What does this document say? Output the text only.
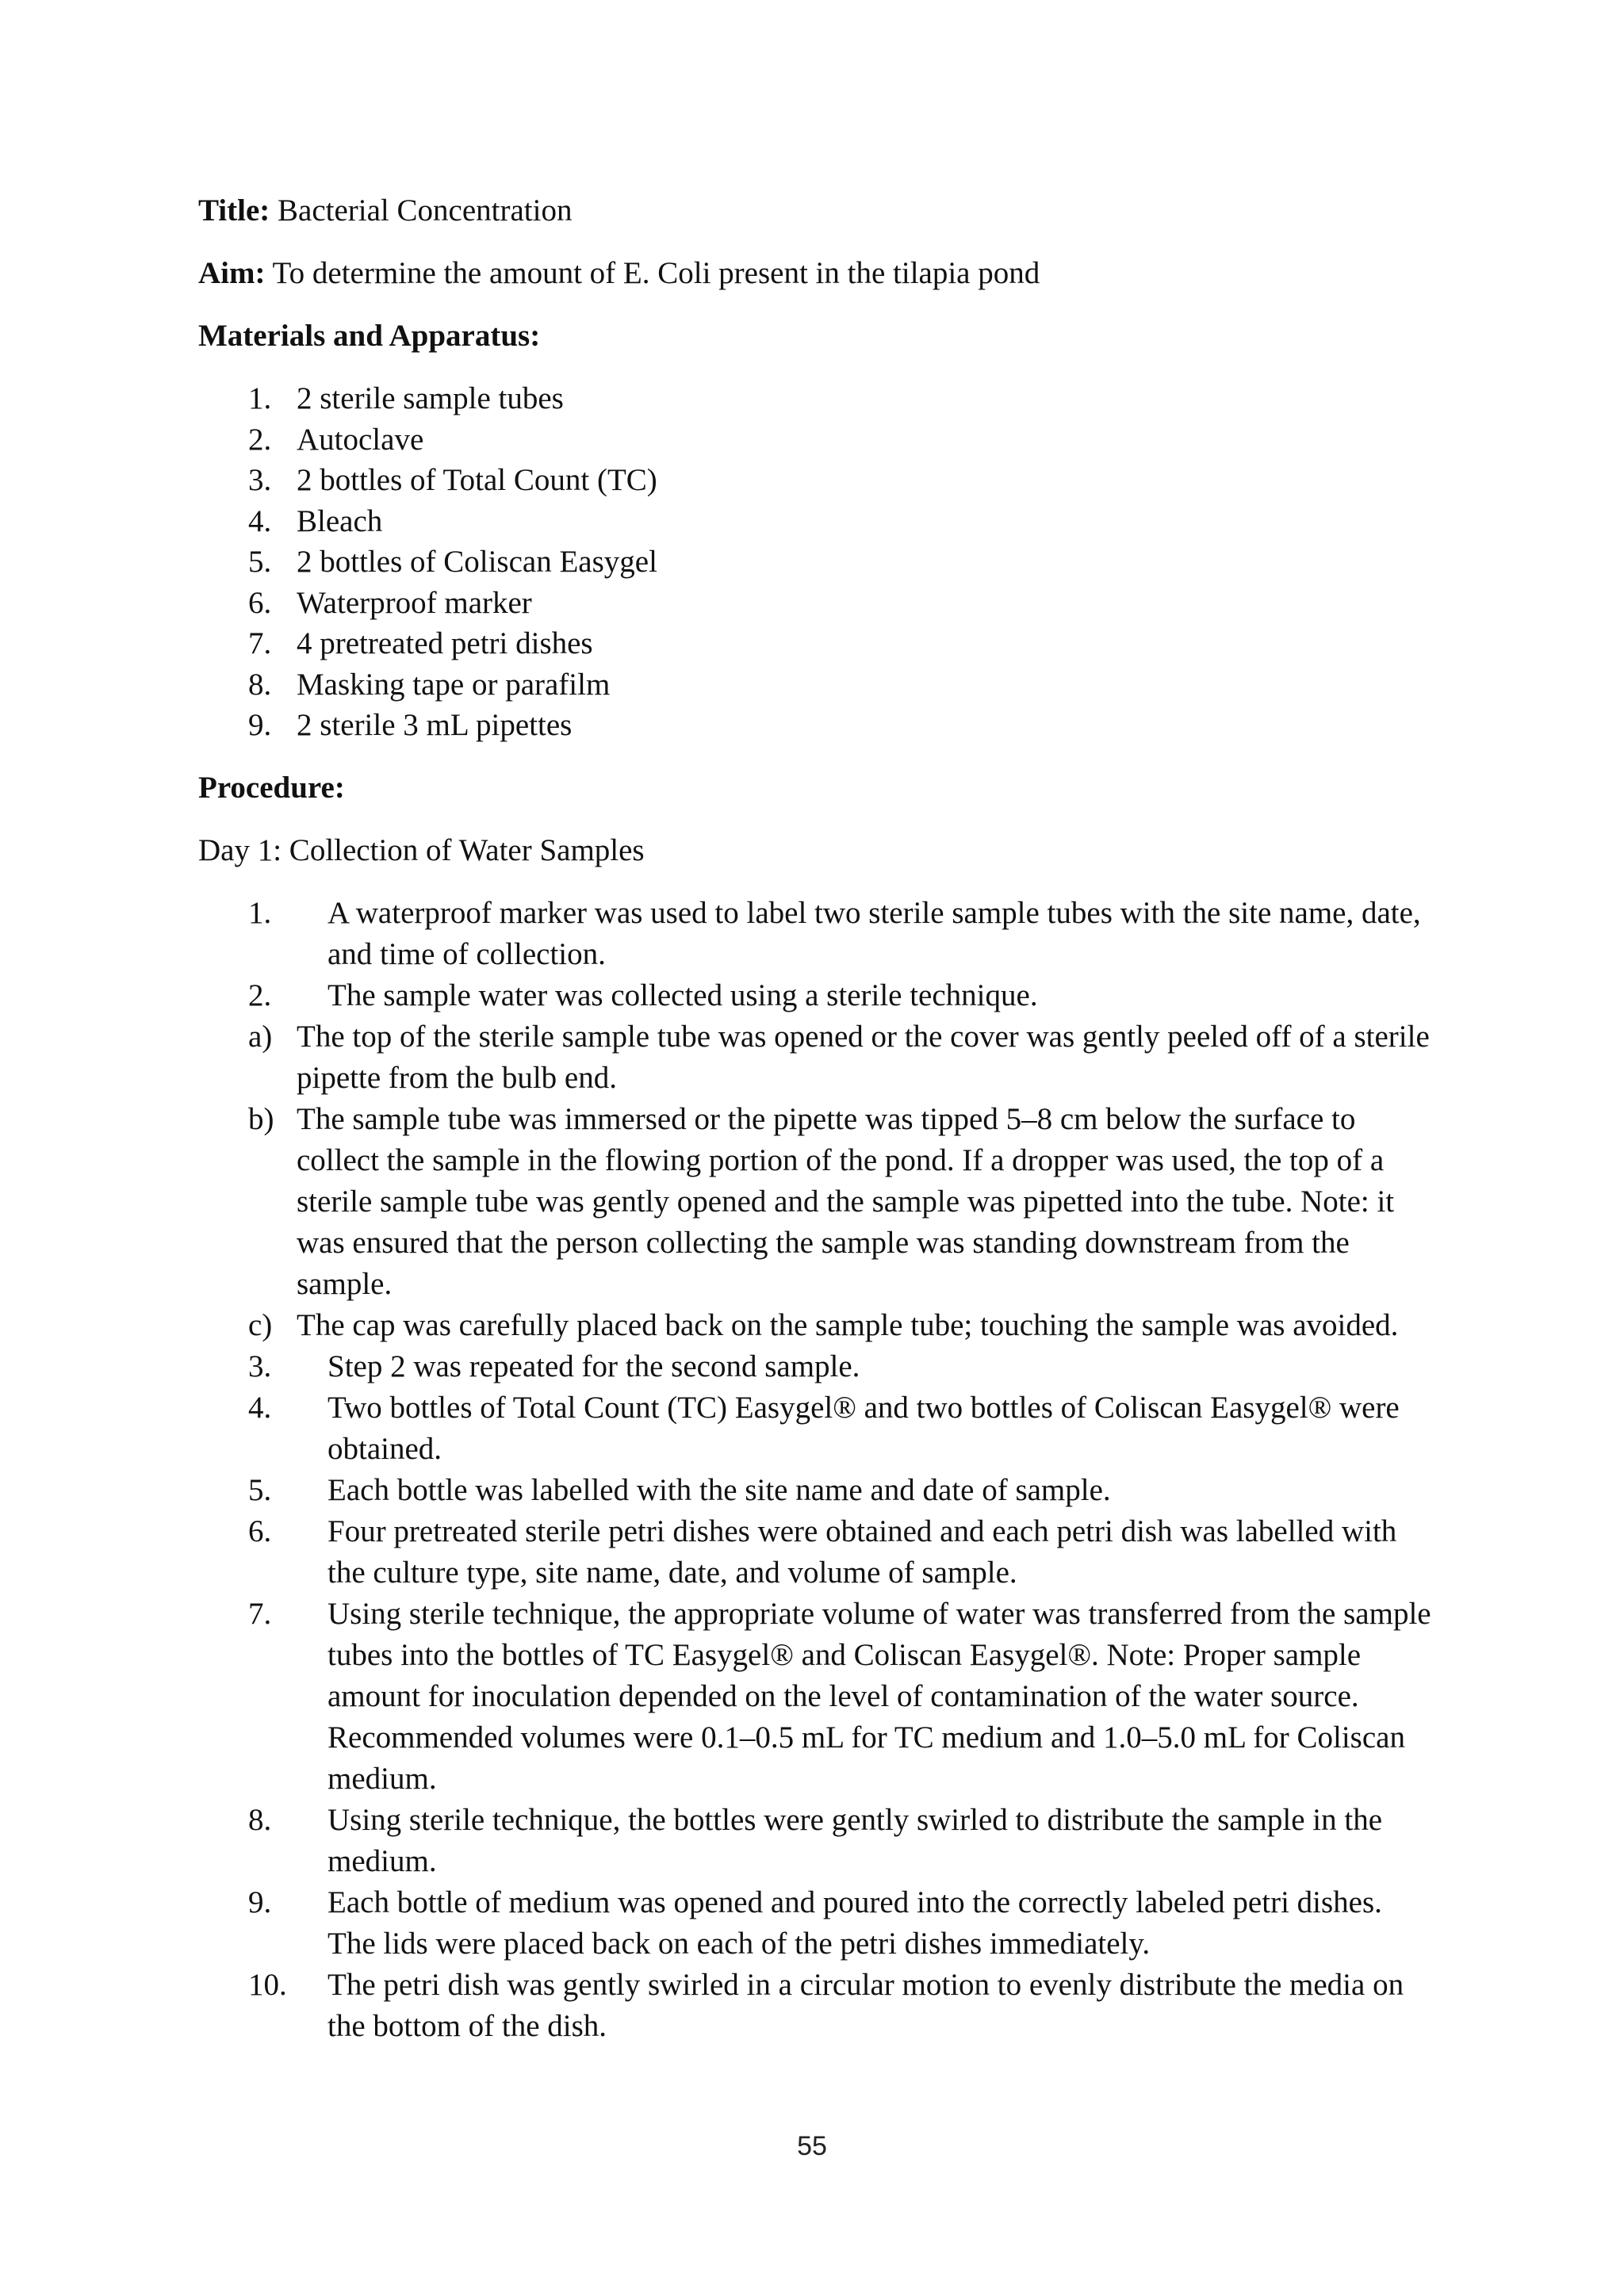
Title: Bacterial Concentration

Aim: To determine the amount of E. Coli present in the tilapia pond

Materials and Apparatus:

1. 2 sterile sample tubes
2. Autoclave
3. 2 bottles of Total Count (TC)
4. Bleach
5. 2 bottles of Coliscan Easygel
6. Waterproof marker
7. 4 pretreated petri dishes
8. Masking tape or parafilm
9. 2 sterile 3 mL pipettes

Procedure:

Day 1: Collection of Water Samples

1.	A waterproof marker was used to label two sterile sample tubes with the site name, date, and time of collection.
2.	The sample water was collected using a sterile technique.
a) The top of the sterile sample tube was opened or the cover was gently peeled off of a sterile pipette from the bulb end.
b) The sample tube was immersed or the pipette was tipped 5–8 cm below the surface to collect the sample in the flowing portion of the pond. If a dropper was used, the top of a sterile sample tube was gently opened and the sample was pipetted into the tube. Note: it was ensured that the person collecting the sample was standing downstream from the sample.
c) The cap was carefully placed back on the sample tube; touching the sample was avoided.
3.	Step 2 was repeated for the second sample.
4.	Two bottles of Total Count (TC) Easygel® and two bottles of Coliscan Easygel® were obtained.
5.	Each bottle was labelled with the site name and date of sample.
6.	Four pretreated sterile petri dishes were obtained and each petri dish was labelled with the culture type, site name, date, and volume of sample.
7.	Using sterile technique, the appropriate volume of water was transferred from the sample tubes into the bottles of TC Easygel® and Coliscan Easygel®. Note: Proper sample amount for inoculation depended on the level of contamination of the water source. Recommended volumes were 0.1–0.5 mL for TC medium and 1.0–5.0 mL for Coliscan medium.
8.	Using sterile technique, the bottles were gently swirled to distribute the sample in the medium.
9.	Each bottle of medium was opened and poured into the correctly labeled petri dishes. The lids were placed back on each of the petri dishes immediately.
10.	The petri dish was gently swirled in a circular motion to evenly distribute the media on the bottom of the dish.
55
